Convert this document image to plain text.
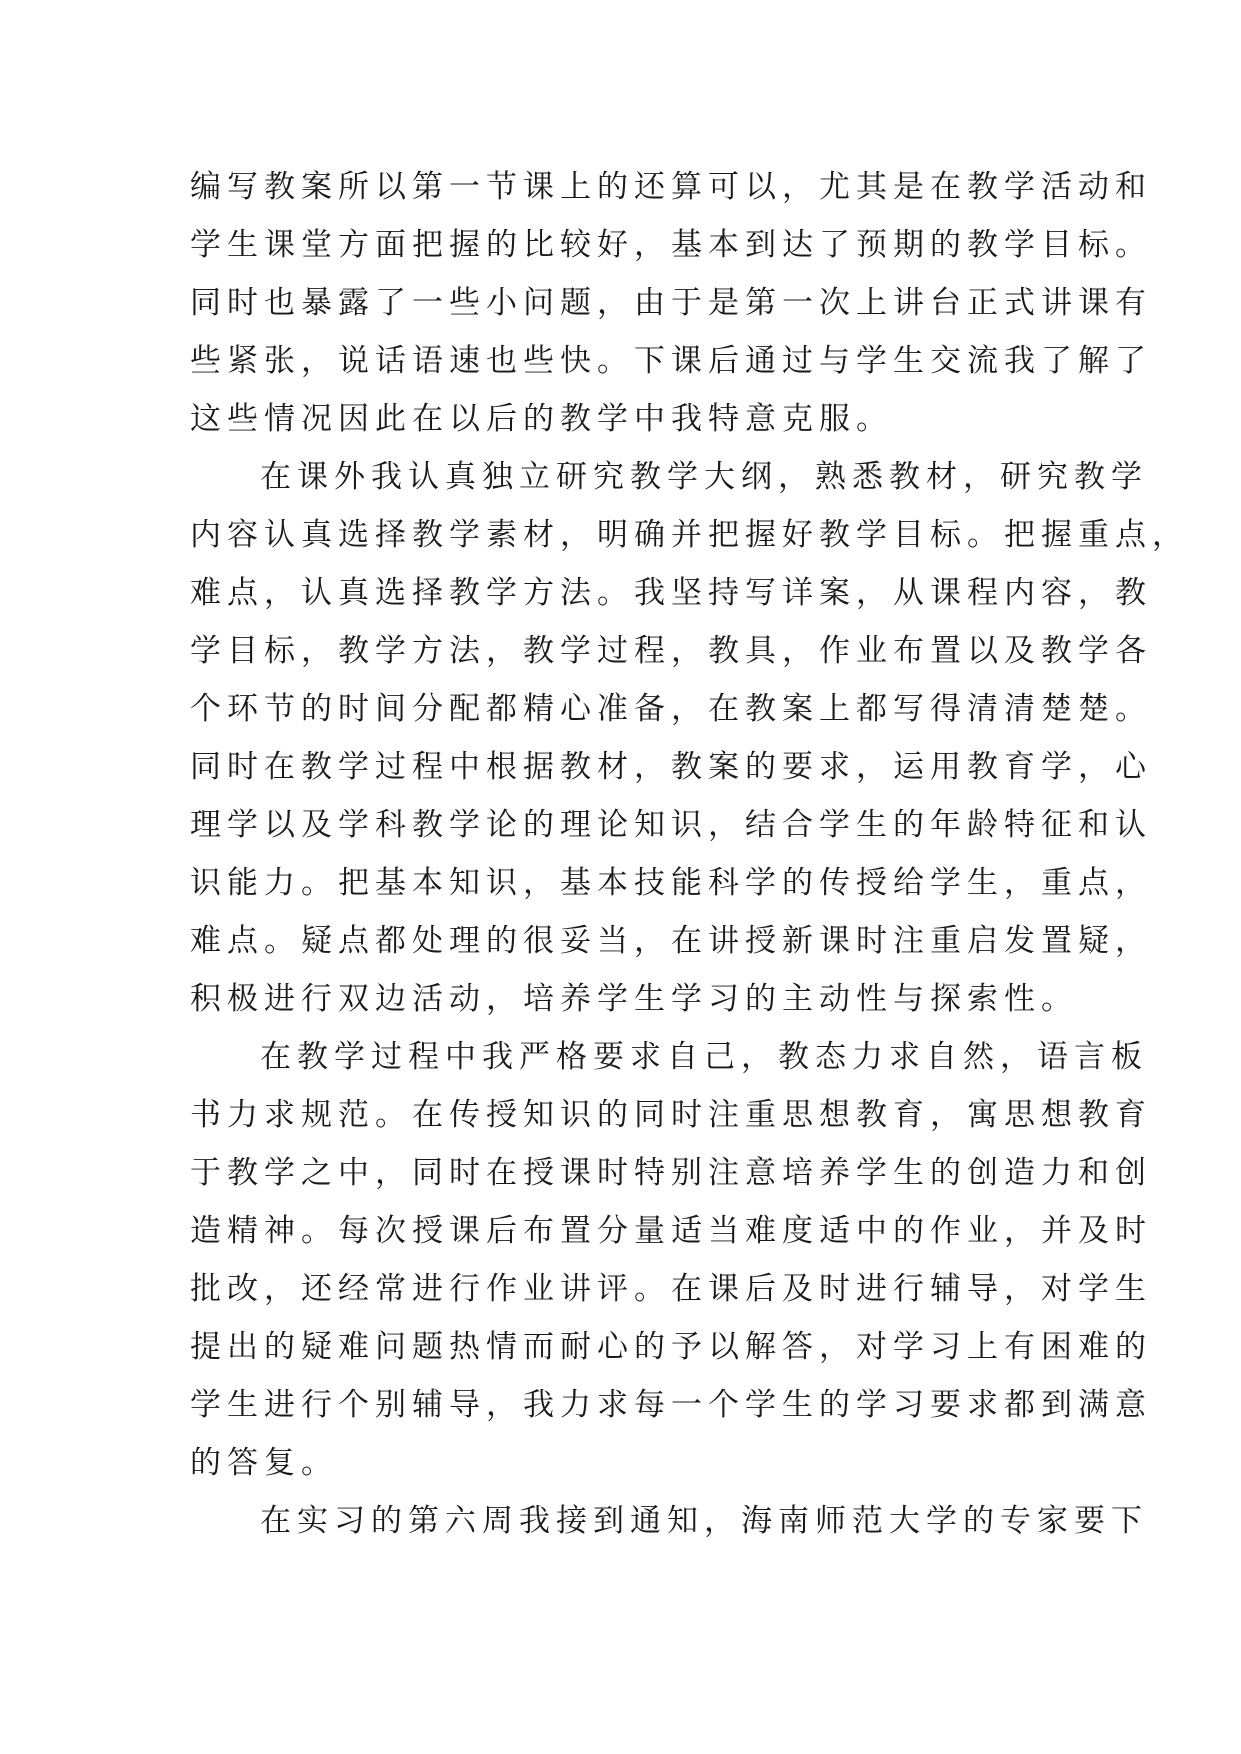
编写教案所以第一节课上的还算可以，尤其是在教学活动和
学生课堂方面把握的比较好，基本到达了预期的教学目标。
同时也暴露了一些小问题，由于是第一次上讲台正式讲课有
些紧张，说话语速也些快。下课后通过与学生交流我了解了
这些情况因此在以后的教学中我特意克服。
在课外我认真独立研究教学大纲，熟悉教材，研究教学
内容认真选择教学素材，明确并把握好教学目标。把握重点，
难点，认真选择教学方法。我坚持写详案，从课程内容，教
学目标，教学方法，教学过程，教具，作业布置以及教学各
个环节的时间分配都精心准备，在教案上都写得清清楚楚。
同时在教学过程中根据教材，教案的要求，运用教育学，心
理学以及学科教学论的理论知识，结合学生的年龄特征和认
识能力。把基本知识，基本技能科学的传授给学生，重点，
难点。疑点都处理的很妥当，在讲授新课时注重启发置疑，
积极进行双边活动，培养学生学习的主动性与探索性。
在教学过程中我严格要求自己，教态力求自然，语言板
书力求规范。在传授知识的同时注重思想教育，寓思想教育
于教学之中，同时在授课时特别注意培养学生的创造力和创
造精神。每次授课后布置分量适当难度适中的作业，并及时
批改，还经常进行作业讲评。在课后及时进行辅导，对学生
提出的疑难问题热情而耐心的予以解答，对学习上有困难的
学生进行个别辅导，我力求每一个学生的学习要求都到满意
的答复。
在实习的第六周我接到通知，海南师范大学的专家要下
